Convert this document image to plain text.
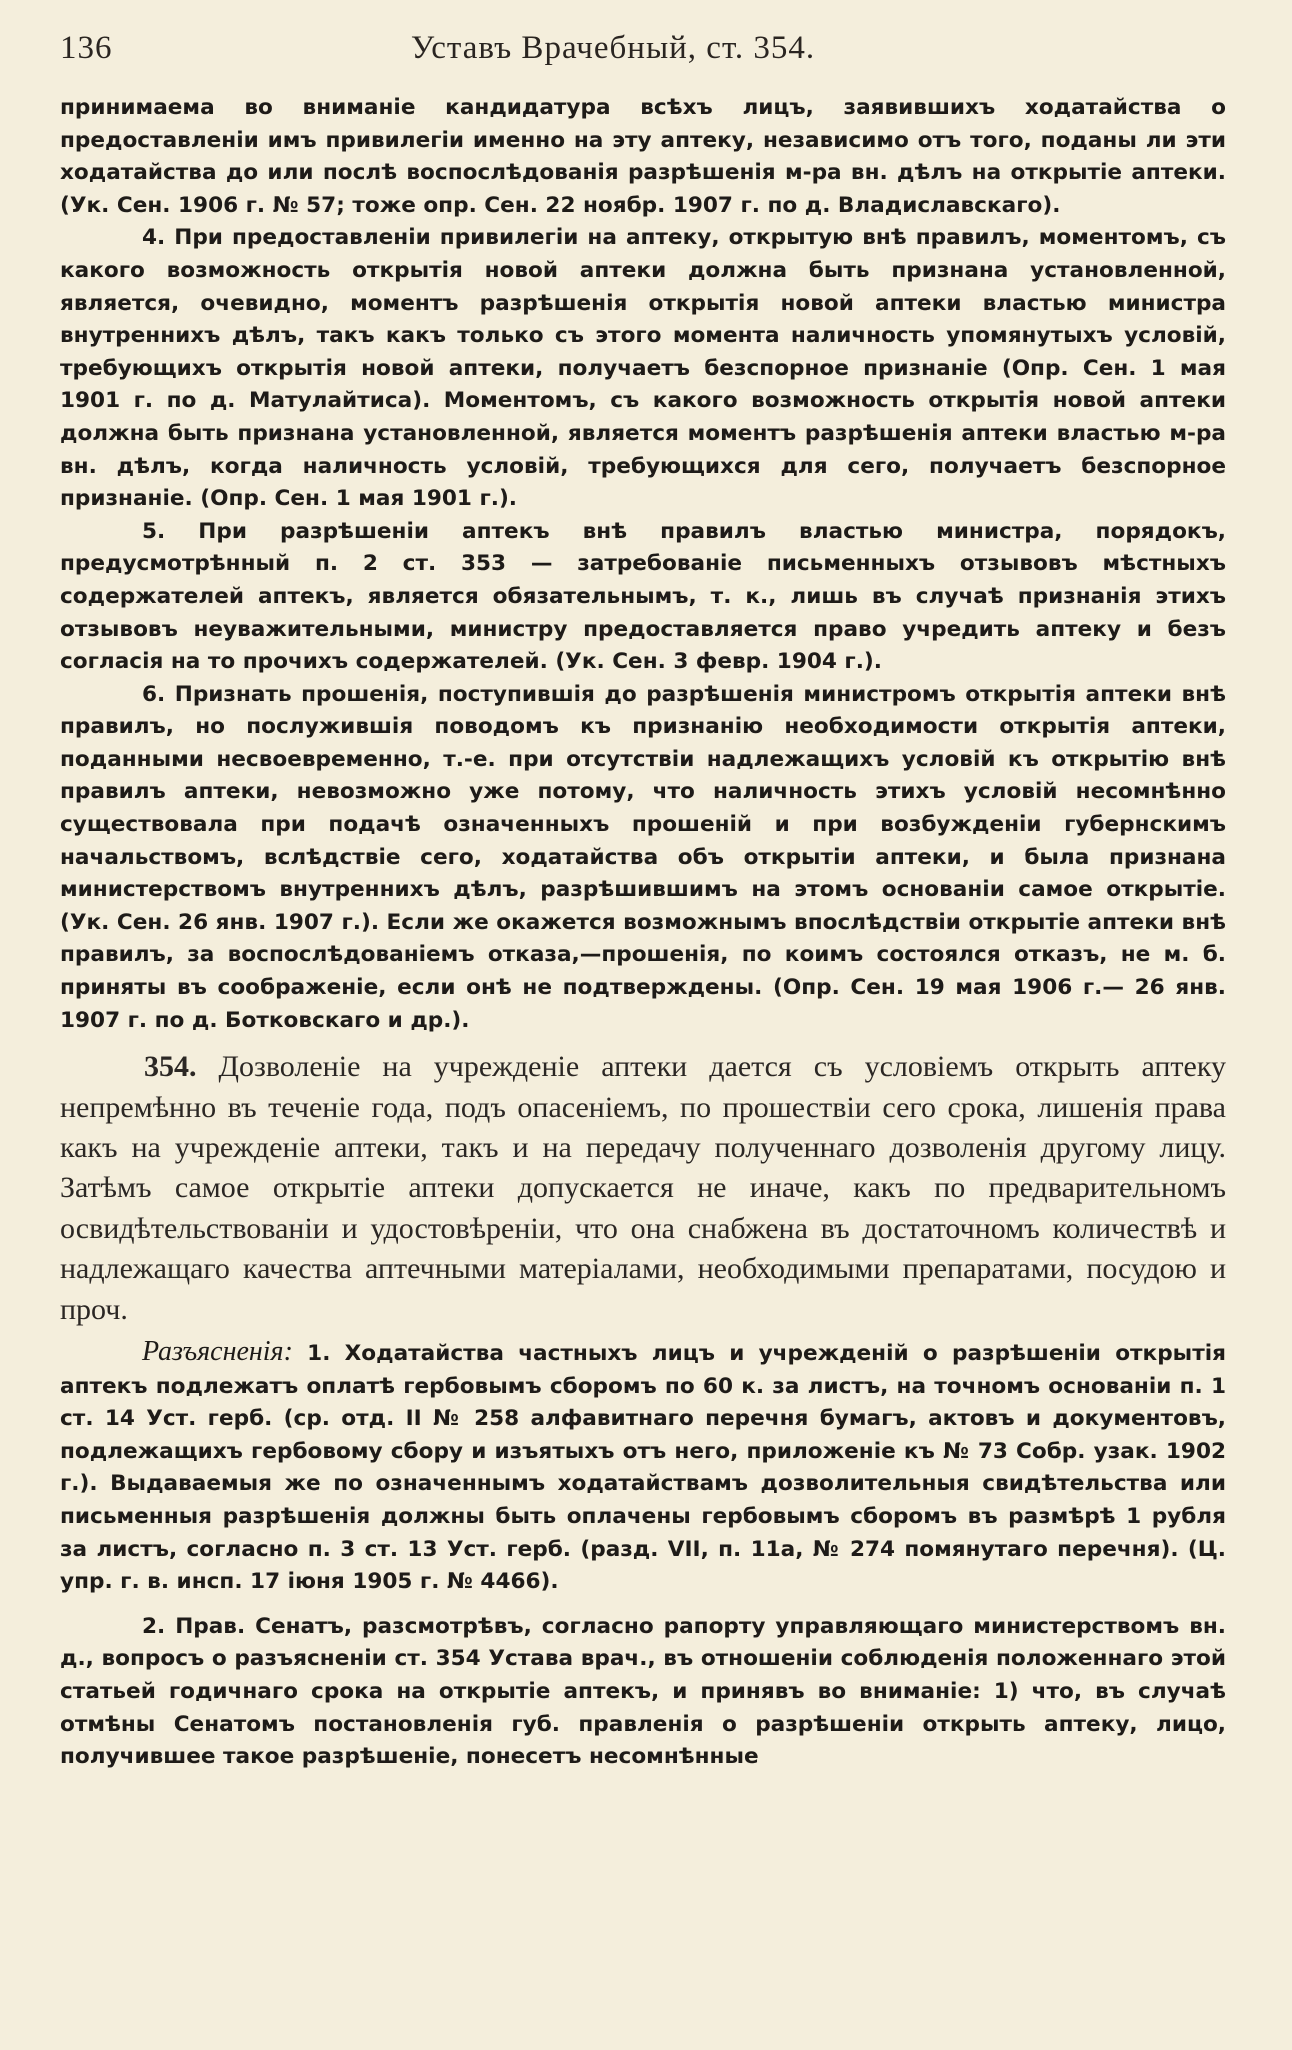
136	Уставъ Врачебный, ст. 354.

принимаема во вниманіе кандидатура всѣхъ лицъ, заявившихъ ходатайства о предоставленіи имъ привилегіи именно на эту аптеку, независимо отъ того, поданы ли эти ходатайства до или послѣ воспослѣдованія разрѣшенія м-ра вн. дѣлъ на открытіе аптеки. (Ук. Сен. 1906 г. № 57; тоже опр. Сен. 22 ноябр. 1907 г. по д. Владиславскаго).

4. При предоставленіи привилегіи на аптеку, открытую внѣ правилъ, моментомъ, съ какого возможность открытія новой аптеки должна быть признана установленной, является, очевидно, моментъ разрѣшенія открытія новой аптеки властью министра внутреннихъ дѣлъ, такъ какъ только съ этого момента наличность упомянутыхъ условій, требующихъ открытія новой аптеки, получаетъ безспорное признаніе (Опр. Сен. 1 мая 1901 г. по д. Матулайтиса). Моментомъ, съ какого возможность открытія новой аптеки должна быть признана установленной, является моментъ разрѣшенія аптеки властью м-ра вн. дѣлъ, когда наличность условій, требующихся для сего, получаетъ безспорное признаніе. (Опр. Сен. 1 мая 1901 г.).

5. При разрѣшеніи аптекъ внѣ правилъ властью министра, порядокъ, предусмотрѣнный п. 2 ст. 353 — затребованіе письменныхъ отзывовъ мѣстныхъ содержателей аптекъ, является обязательнымъ, т. к., лишь въ случаѣ признанія этихъ отзывовъ неуважительными, министру предоставляется право учредить аптеку и безъ согласія на то прочихъ содержателей. (Ук. Сен. 3 февр. 1904 г.).

6. Признать прошенія, поступившія до разрѣшенія министромъ открытія аптеки внѣ правилъ, но послужившія поводомъ къ признанію необходимости открытія аптеки, поданными несвоевременно, т.-е. при отсутствіи надлежащихъ условій къ открытію внѣ правилъ аптеки, невозможно уже потому, что наличность этихъ условій несомнѣнно существовала при подачѣ означенныхъ прошеній и при возбужденіи губернскимъ начальствомъ, вслѣдствіе сего, ходатайства объ открытіи аптеки, и была признана министерствомъ внутреннихъ дѣлъ, разрѣшившимъ на этомъ основаніи самое открытіе. (Ук. Сен. 26 янв. 1907 г.). Если же окажется возможнымъ впослѣдствіи открытіе аптеки внѣ правилъ, за воспослѣдованіемъ отказа,—прошенія, по коимъ состоялся отказъ, не м. б. приняты въ соображеніе, если онѣ не подтверждены. (Опр. Сен. 19 мая 1906 г.— 26 янв. 1907 г. по д. Ботковскаго и др.).

354. Дозволеніе на учрежденіе аптеки дается съ условіемъ открыть аптеку непремѣнно въ теченіе года, подъ опасеніемъ, по прошествіи сего срока, лишенія права какъ на учрежденіе аптеки, такъ и на передачу полученнаго дозволенія другому лицу. Затѣмъ самое открытіе аптеки допускается не иначе, какъ по предварительномъ освидѣтельствованіи и удостовѣреніи, что она снабжена въ достаточномъ количествѣ и надлежащаго качества аптечными матеріалами, необходимыми препаратами, посудою и проч.

Разъясненія: 1. Ходатайства частныхъ лицъ и учрежденій о разрѣшеніи открытія аптекъ подлежатъ оплатѣ гербовымъ сборомъ по 60 к. за листъ, на точномъ основаніи п. 1 ст. 14 Уст. герб. (ср. отд. II № 258 алфавитнаго перечня бумагъ, актовъ и документовъ, подлежащихъ гербовому сбору и изъятыхъ отъ него, приложеніе къ № 73 Собр. узак. 1902 г.). Выдаваемыя же по означеннымъ ходатайствамъ дозволительныя свидѣтельства или письменныя разрѣшенія должны быть оплачены гербовымъ сборомъ въ размѣрѣ 1 рубля за листъ, согласно п. 3 ст. 13 Уст. герб. (разд. VII, п. 11а, № 274 помянутаго перечня). (Ц. упр. г. в. инсп. 17 іюня 1905 г. № 4466).

2. Прав. Сенатъ, разсмотрѣвъ, согласно рапорту управляющаго министерствомъ вн. д., вопросъ о разъясненіи ст. 354 Устава врач., въ отношеніи соблюденія положеннаго этой статьей годичнаго срока на открытіе аптекъ, и принявъ во вниманіе: 1) что, въ случаѣ отмѣны Сенатомъ постановленія губ. правленія о разрѣшеніи открыть аптеку, лицо, получившее такое разрѣшеніе, понесетъ несомнѣнные
